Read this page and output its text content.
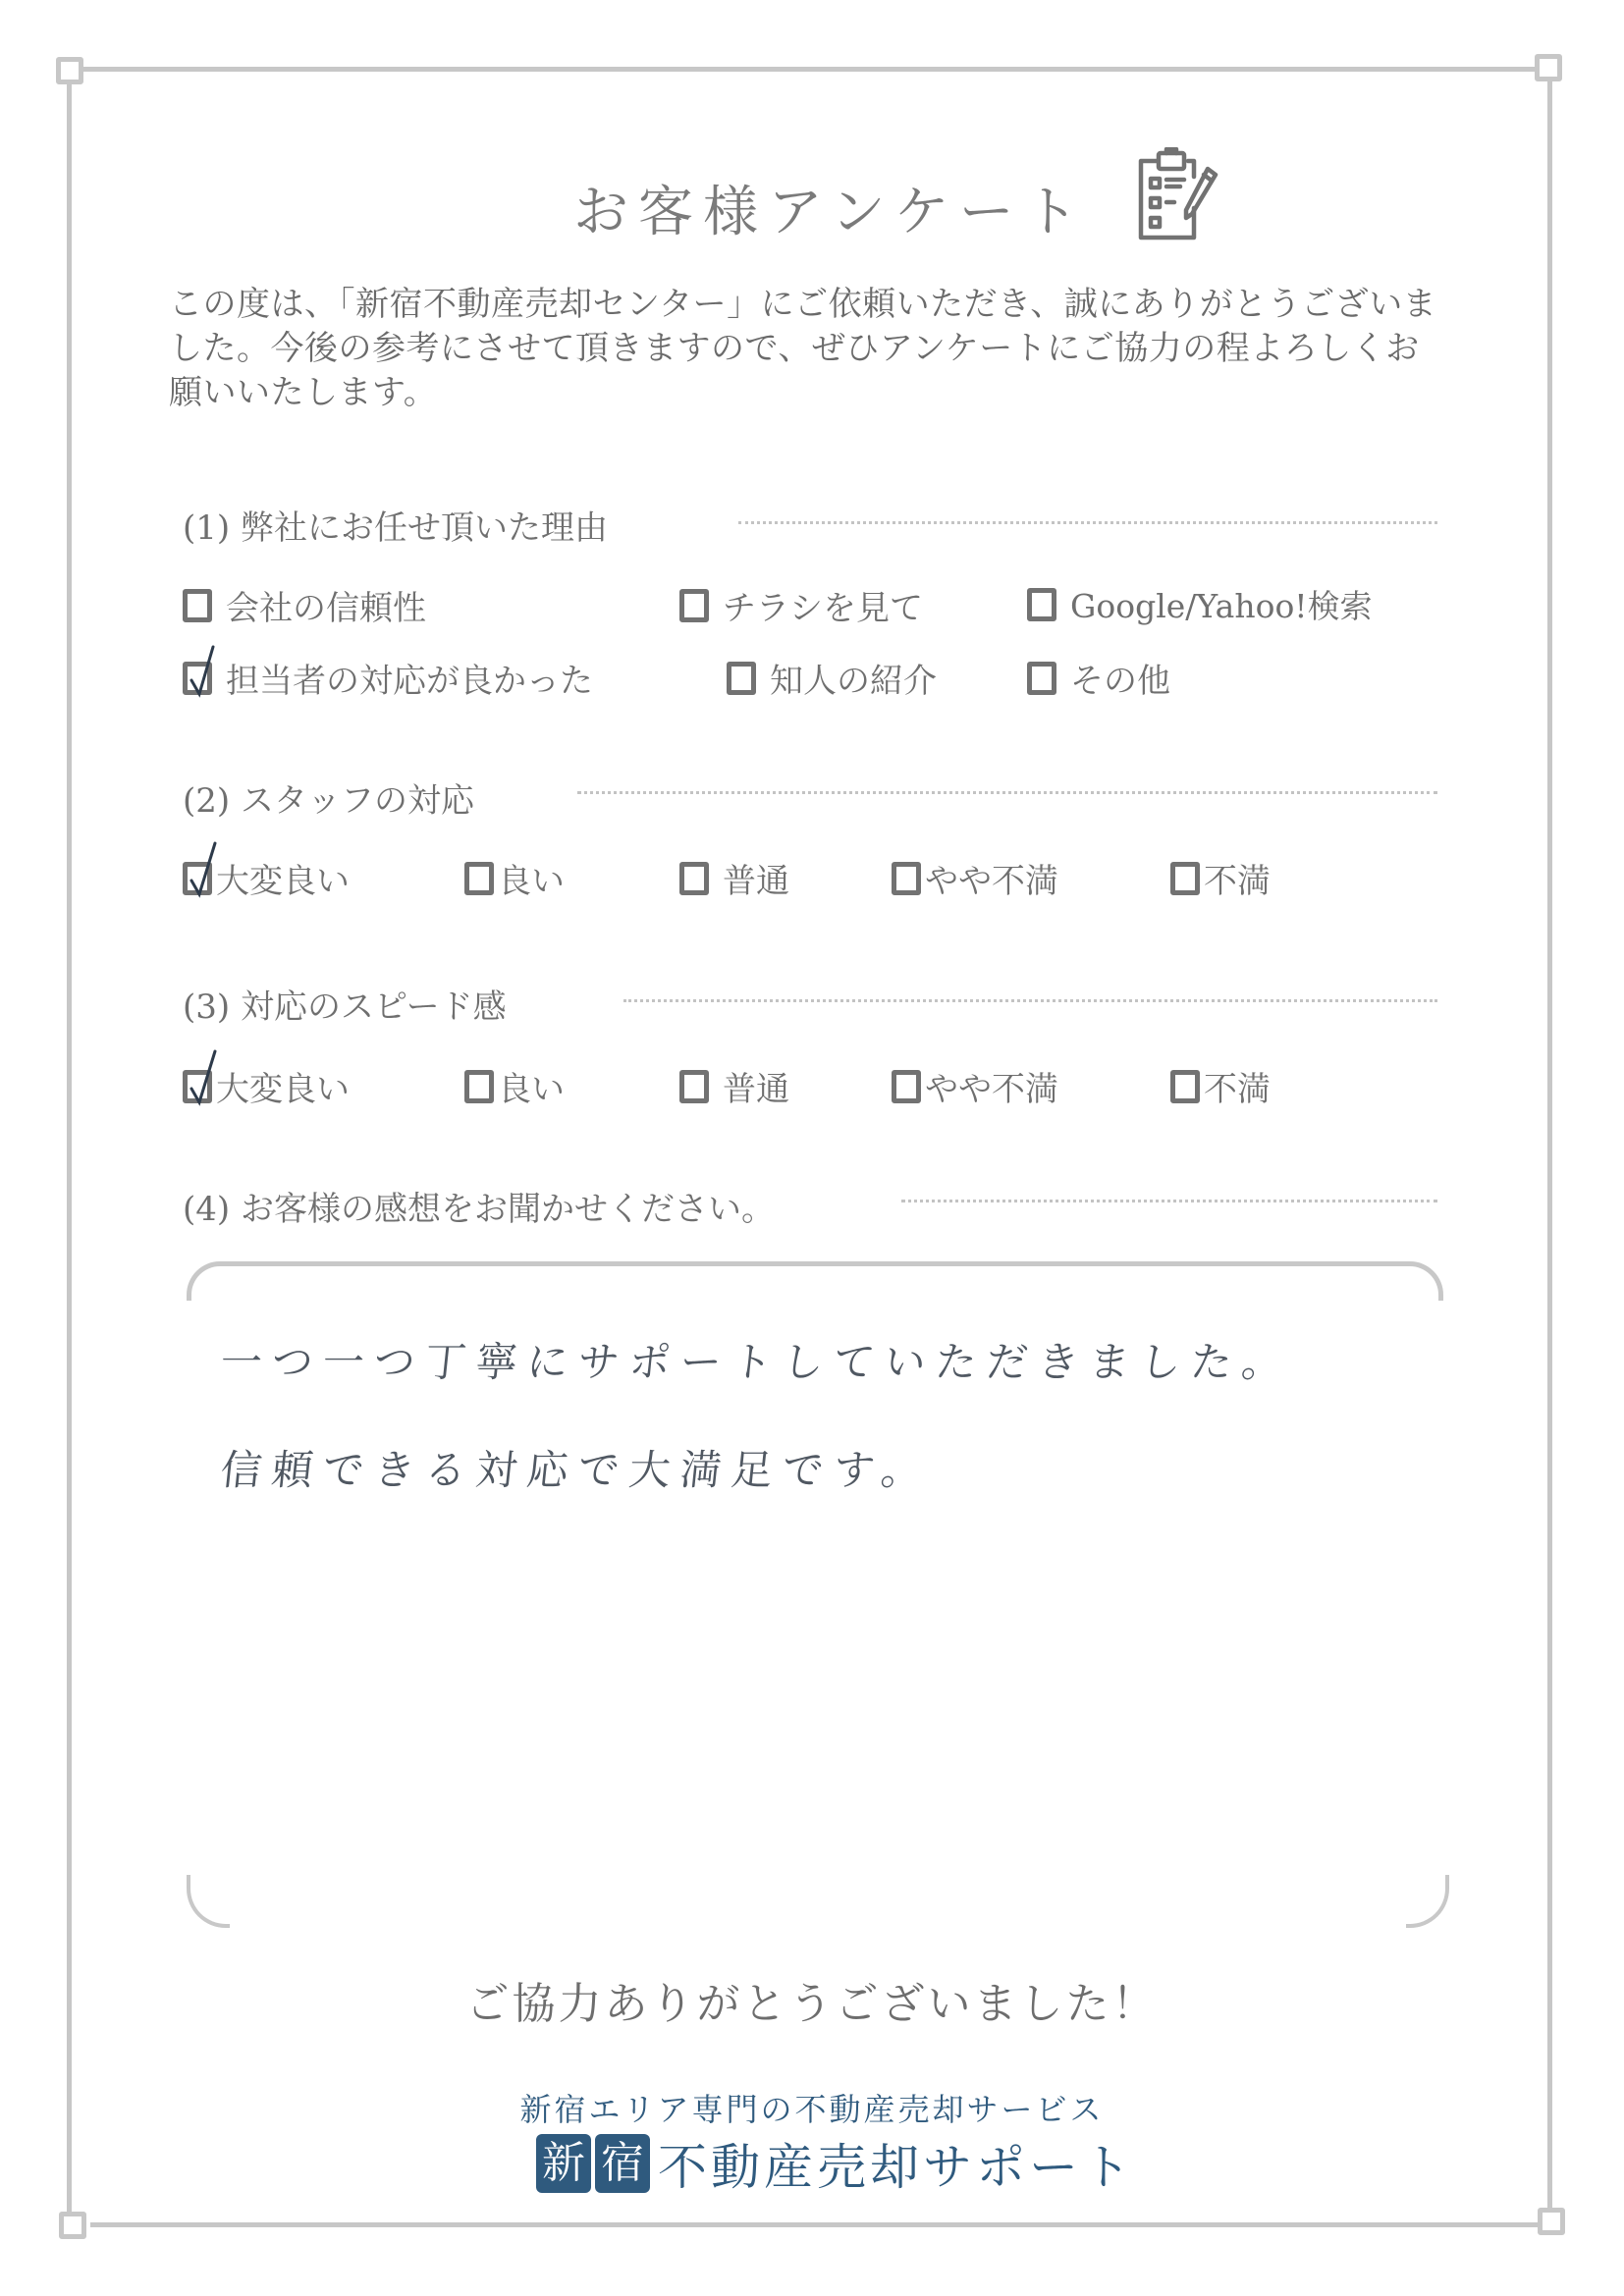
お客様アンケート
この度は、「新宿不動産売却センター」にご依頼いただき、誠にありがとうございま
した。今後の参考にさせて頂きますので、ぜひアンケートにご協力の程よろしくお
願いいたします。
(1) 弊社にお任せ頂いた理由
会社の信頼性	チラシを見て	Google/Yahoo!検索
担当者の対応が良かった	知人の紹介	その他
(2) スタッフの対応
大変良い	良い	普通	やや不満	不満
(3) 対応のスピード感
大変良い	良い	普通	やや不満	不満
(4) お客様の感想をお聞かせください。
一つ一つ丁寧にサポートしていただきました。
信頼できる対応で大満足です。
ご協力ありがとうございました！
新宿エリア専門の不動産売却サービス
新 宿 不動産売却サポート
